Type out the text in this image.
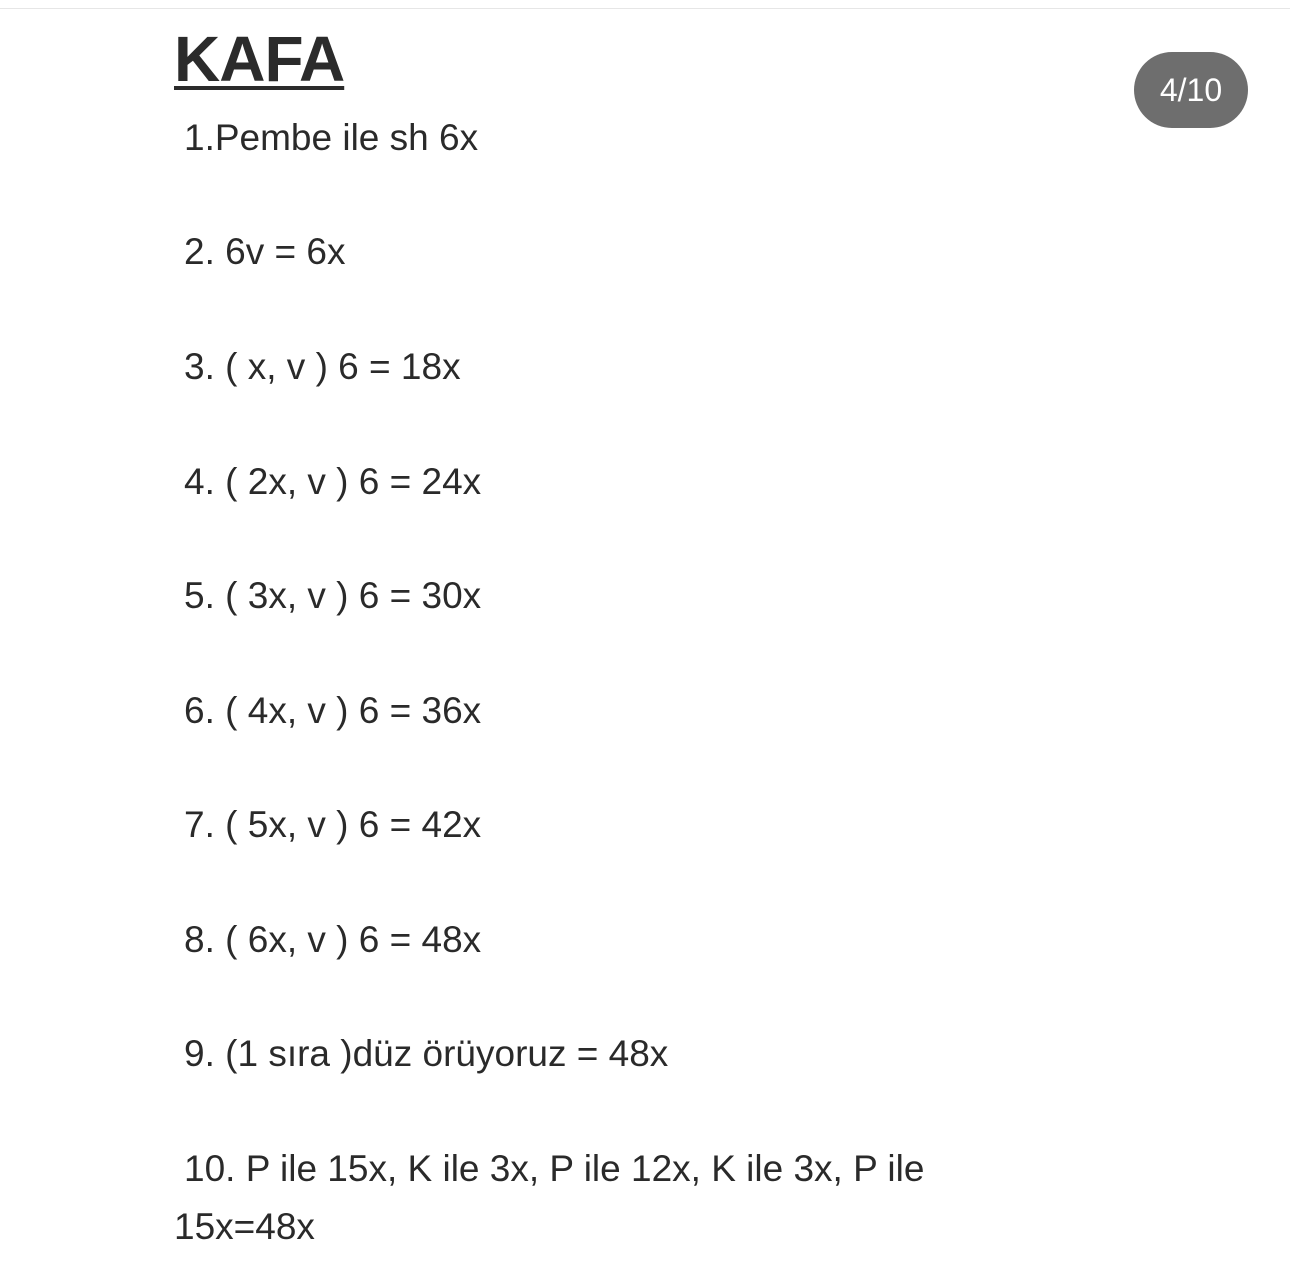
KAFA	4/10
1.Pembe ile sh 6x
2. 6v = 6x
3. ( x, v ) 6 = 18x
4. ( 2x, v ) 6 = 24x
5. ( 3x, v ) 6 = 30x
6. ( 4x, v ) 6 = 36x
7. ( 5x, v ) 6 = 42x
8. ( 6x, v ) 6 = 48x
9. (1 sıra )düz örüyoruz = 48x
10. P ile 15x, K ile 3x, P ile 12x, K ile 3x, P ile 15x=48x
